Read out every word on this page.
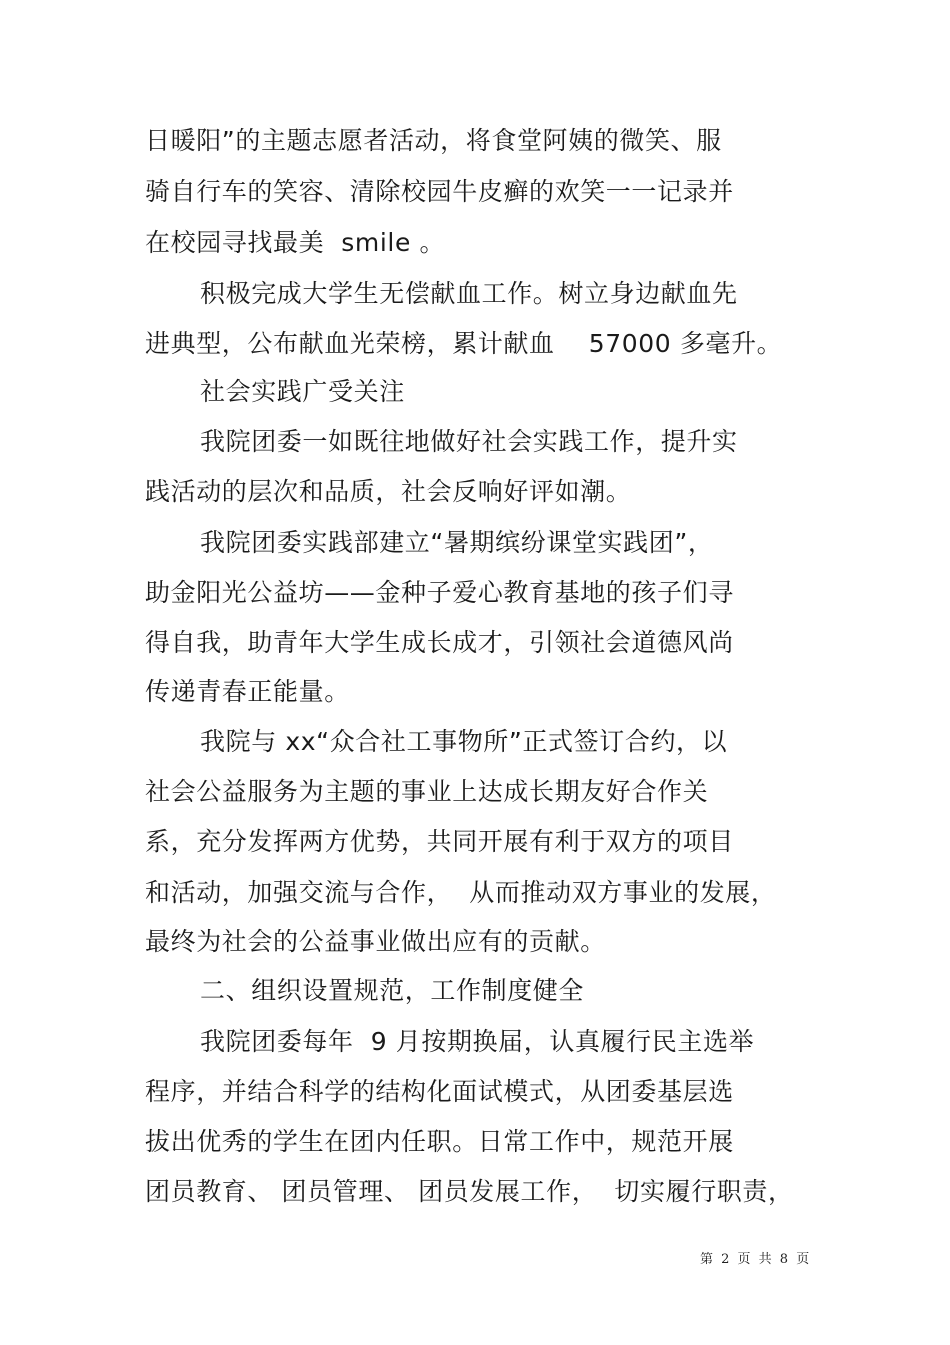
日暖阳”的主题志愿者活动，将食堂阿姨的微笑、服
骑自行车的笑容、清除校园牛皮癣的欢笑一一记录并
在校园寻找最美  smile 。
积极完成大学生无偿献血工作。树立身边献血先
进典型，公布献血光荣榜，累计献血    57000 多毫升。
社会实践广受关注
我院团委一如既往地做好社会实践工作，提升实
践活动的层次和品质，社会反响好评如潮。
我院团委实践部建立“暑期缤纷课堂实践团”，
助金阳光公益坊——金种子爱心教育基地的孩子们寻
得自我，助青年大学生成长成才，引领社会道德风尚
传递青春正能量。
我院与 xx“众合社工事物所”正式签订合约，以
社会公益服务为主题的事业上达成长期友好合作关
系，充分发挥两方优势，共同开展有利于双方的项目
和活动，加强交流与合作，  从而推动双方事业的发展，
最终为社会的公益事业做出应有的贡献。
二、组织设置规范，工作制度健全
我院团委每年  9 月按期换届，认真履行民主选举
程序，并结合科学的结构化面试模式，从团委基层选
拔出优秀的学生在团内任职。日常工作中，规范开展
团员教育、 团员管理、 团员发展工作，  切实履行职责，
第 2 页 共 8 页
